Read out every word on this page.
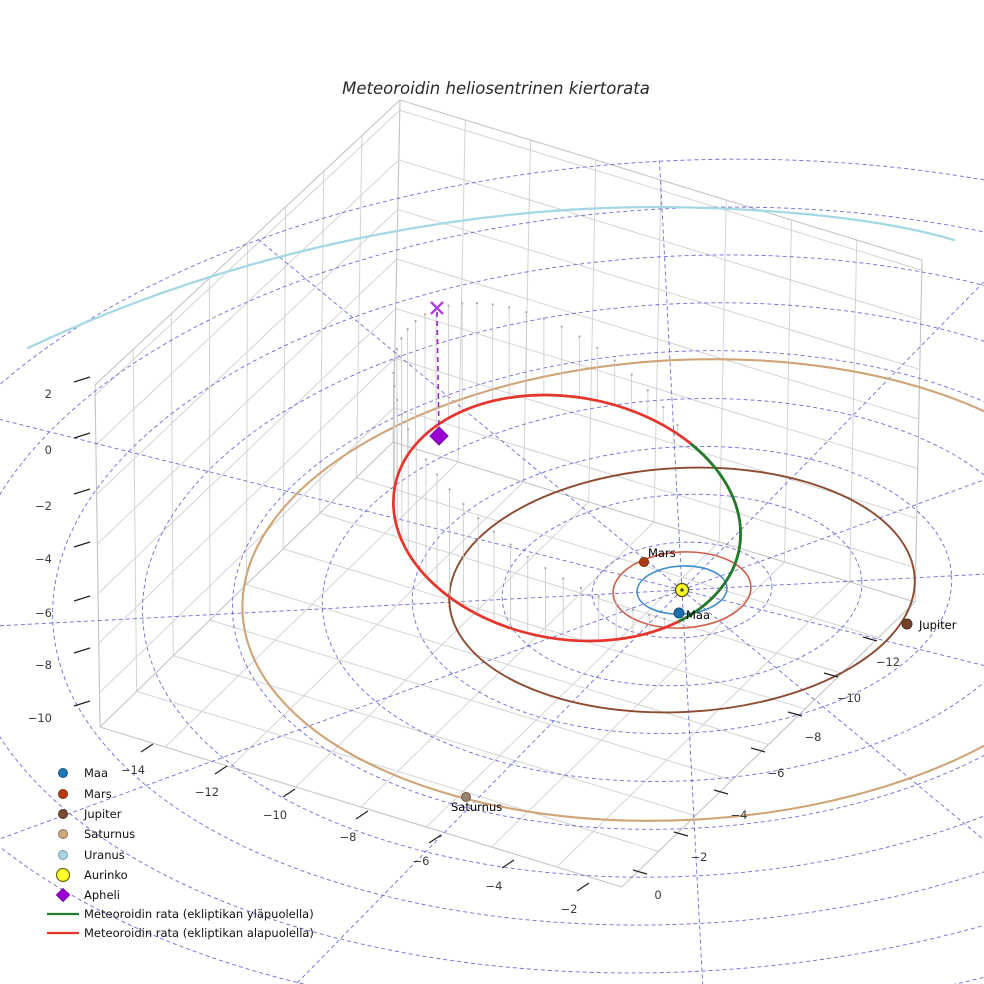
Mars
Maa
Jupiter
Saturnus
−14
−12
−10
−8
−6
−4
−2
−12
−10
−8
−6
−4
−2
0
2
0
−2
−4
−6
−8
−10
Maa
Mars
Jupiter
Saturnus
Uranus
Aurinko
Apheli
Meteoroidin rata (ekliptikan yläpuolella)
Meteoroidin rata (ekliptikan alapuolella)
Meteoroidin heliosentrinen kiertorata
